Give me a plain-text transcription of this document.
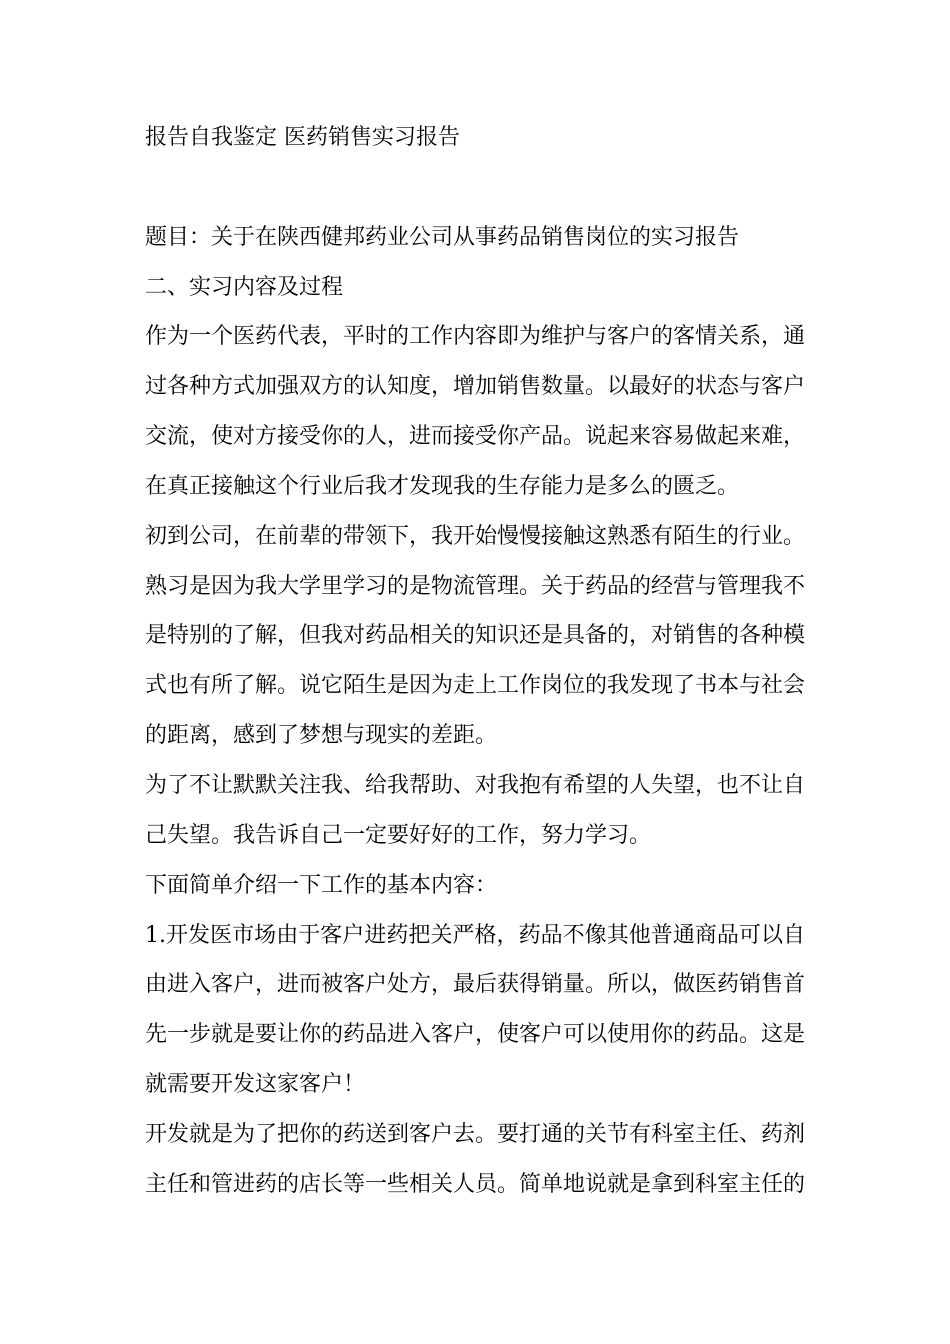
报告自我鉴定 医药销售实习报告
题目：关于在陕西健邦药业公司从事药品销售岗位的实习报告
二、实习内容及过程
作为一个医药代表，平时的工作内容即为维护与客户的客情关系，通
过各种方式加强双方的认知度，增加销售数量。以最好的状态与客户
交流，使对方接受你的人，进而接受你产品。说起来容易做起来难，
在真正接触这个行业后我才发现我的生存能力是多么的匮乏。
初到公司，在前辈的带领下，我开始慢慢接触这熟悉有陌生的行业。
熟习是因为我大学里学习的是物流管理。关于药品的经营与管理我不
是特别的了解，但我对药品相关的知识还是具备的，对销售的各种模
式也有所了解。说它陌生是因为走上工作岗位的我发现了书本与社会
的距离，感到了梦想与现实的差距。
为了不让默默关注我、给我帮助、对我抱有希望的人失望，也不让自
己失望。我告诉自己一定要好好的工作，努力学习。
下面简单介绍一下工作的基本内容：
1.开发医市场由于客户进药把关严格，药品不像其他普通商品可以自
由进入客户，进而被客户处方，最后获得销量。所以，做医药销售首
先一步就是要让你的药品进入客户，使客户可以使用你的药品。这是
就需要开发这家客户！
开发就是为了把你的药送到客户去。要打通的关节有科室主任、药剂
主任和管进药的店长等一些相关人员。简单地说就是拿到科室主任的
